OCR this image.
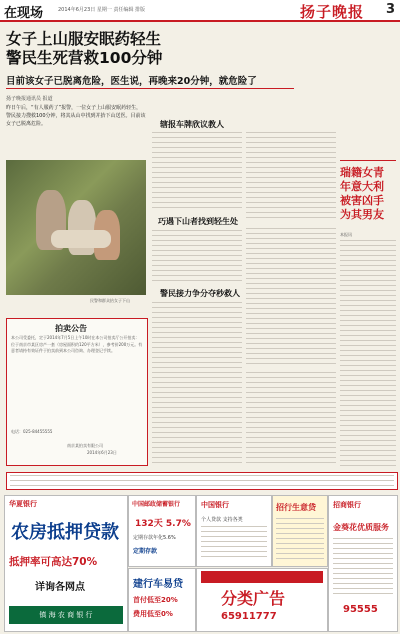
在现场	2014年6月23日 星期一 责任编辑 排版	扬子晚报 3
女子上山服安眠药轻生
警民生死营救100分钟
目前该女子已脱离危险，医生说，再晚来20分钟，就危险了
扬子晚报通讯员 报道
昨日午后，“有人服药了”报警，一位女子上山服安眠药轻生，警民接力搜救100分钟，将其从山中找到并抬下山送医。目前该女子已脱离危险。
民警和群众抬女子下山
拍卖公告
本公司受委托，定于2014年7月5日上午10时在本公司拍卖厅公开拍卖：位于南京市某区房产一套（房屋面积约120平方米），参考价200万元。有意者请持有效证件于拍卖前到本公司咨询、办理登记手续。
电话：025-84455555
南京某拍卖有限公司
2014年6月23日
辖报车牌欣议教人
巧遇下山者找到轻生处
警民接力争分夺秒救人
瑞籍女青年意大利被害凶手为其男友
本报讯
华夏银行
农房抵押贷款
抵押率可高达70%
详询各网点
镇 海 农 商 银 行
中国邮政储蓄银行
132天 5.7%
定期存款年化5.6%
定期存款
建行车易贷
首付低至20%
费用低至0%
中国银行
个人贷款 支持各类
招行生意贷
分类广告
65911777
招商银行
金葵花优质服务
95555
